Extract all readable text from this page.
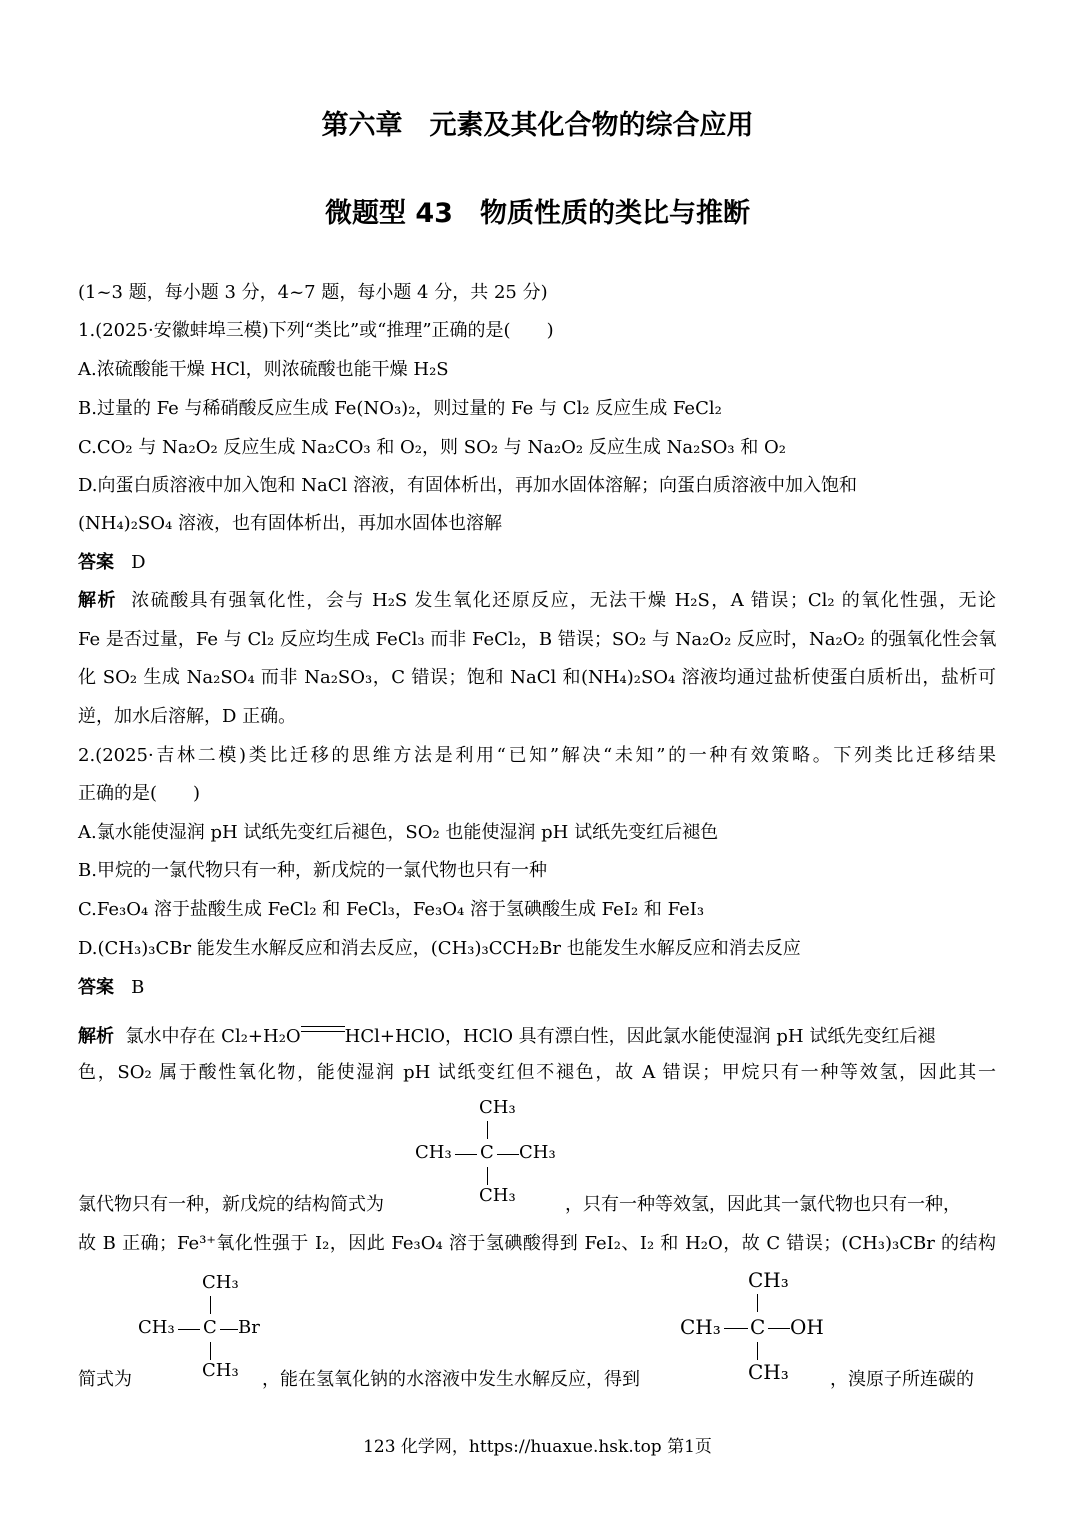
第六章　元素及其化合物的综合应用
微题型 43　物质性质的类比与推断
(1~3 题，每小题 3 分，4~7 题，每小题 4 分，共 25 分)
1.(2025·安徽蚌埠三模)下列“类比”或“推理”正确的是(　　)
A.浓硫酸能干燥 HCl，则浓硫酸也能干燥 H₂S
B.过量的 Fe 与稀硝酸反应生成 Fe(NO₃)₂，则过量的 Fe 与 Cl₂ 反应生成 FeCl₂
C.CO₂ 与 Na₂O₂ 反应生成 Na₂CO₃ 和 O₂，则 SO₂ 与 Na₂O₂ 反应生成 Na₂SO₃ 和 O₂
D.向蛋白质溶液中加入饱和 NaCl 溶液，有固体析出，再加水固体溶解；向蛋白质溶液中加入饱和
(NH₄)₂SO₄ 溶液，也有固体析出，再加水固体也溶解
答案 D
解析 浓硫酸具有强氧化性，会与 H₂S 发生氧化还原反应，无法干燥 H₂S，A 错误；Cl₂ 的氧化性强，无论
Fe 是否过量，Fe 与 Cl₂ 反应均生成 FeCl₃ 而非 FeCl₂，B 错误；SO₂ 与 Na₂O₂ 反应时，Na₂O₂ 的强氧化性会氧
化 SO₂ 生成 Na₂SO₄ 而非 Na₂SO₃，C 错误；饱和 NaCl 和(NH₄)₂SO₄ 溶液均通过盐析使蛋白质析出，盐析可
逆，加水后溶解，D 正确。
2.(2025·吉林二模)类比迁移的思维方法是利用“已知”解决“未知”的一种有效策略。下列类比迁移结果
正确的是(　　)
A.氯水能使湿润 pH 试纸先变红后褪色，SO₂ 也能使湿润 pH 试纸先变红后褪色
B.甲烷的一氯代物只有一种，新戊烷的一氯代物也只有一种
C.Fe₃O₄ 溶于盐酸生成 FeCl₂ 和 FeCl₃，Fe₃O₄ 溶于氢碘酸生成 FeI₂ 和 FeI₃
D.(CH₃)₃CBr 能发生水解反应和消去反应，(CH₃)₃CCH₂Br 也能发生水解反应和消去反应
答案 B
解析 氯水中存在 Cl₂+H₂O HCl+HClO，HClO 具有漂白性，因此氯水能使湿润 pH 试纸先变红后褪
色，SO₂ 属于酸性氧化物，能使湿润 pH 试纸变红但不褪色，故 A 错误；甲烷只有一种等效氢，因此其一
CH₃
CH₃ C CH₃
CH₃
氯代物只有一种，新戊烷的结构简式为	，只有一种等效氢，因此其一氯代物也只有一种，
故 B 正确；Fe³⁺氧化性强于 I₂，因此 Fe₃O₄ 溶于氢碘酸得到 FeI₂、I₂ 和 H₂O，故 C 错误；(CH₃)₃CBr 的结构
CH₃
CH₃ C Br
CH₃
CH₃
CH₃ C OH
CH₃
简式为	，能在氢氧化钠的水溶液中发生水解反应，得到	，溴原子所连碳的
123 化学网，https://huaxue.hsk.top 第1页
